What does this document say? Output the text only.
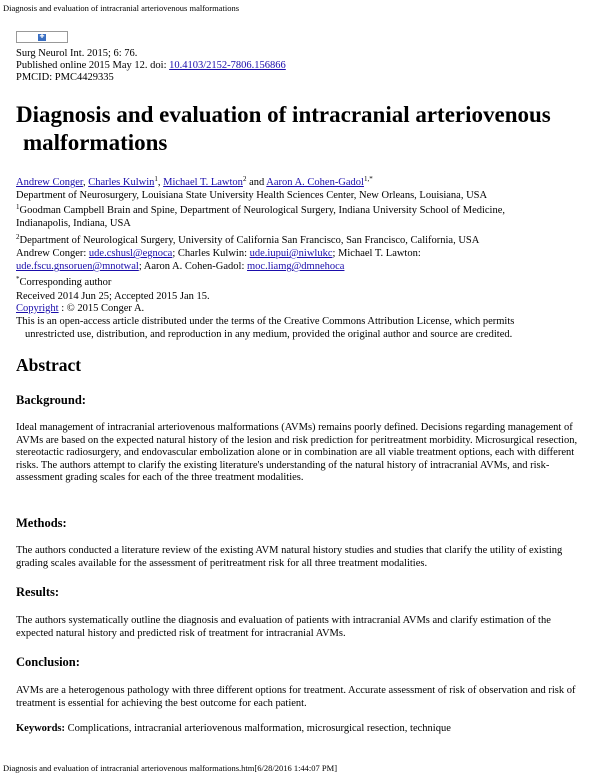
Diagnosis and evaluation of intracranial arteriovenous malformations
✚
Surg Neurol Int. 2015; 6: 76.
Published online 2015 May 12. doi: 10.4103/2152-7806.156866
PMCID: PMC4429335
Diagnosis and evaluation of intracranial arteriovenous
malformations
Andrew Conger, Charles Kulwin$^1$, Michael T. Lawton$^2$ and Aaron A. Cohen-Gadol$^{1,*}$
Department of Neurosurgery, Louisiana State University Health Sciences Center, New Orleans, Louisiana, USA
$^1$Goodman Campbell Brain and Spine, Department of Neurological Surgery, Indiana University School of Medicine,
Indianapolis, Indiana, USA
$^2$Department of Neurological Surgery, University of California San Francisco, San Francisco, California, USA
Andrew Conger: ude.cshusl@egnoca; Charles Kulwin: ude.iupui@niwlukc; Michael T. Lawton:
ude.fscu.gnsoruen@mnotwal; Aaron A. Cohen-Gadol: moc.liamg@dmnehoca
*Corresponding author
Received 2014 Jun 25; Accepted 2015 Jan 15.
Copyright : © 2015 Conger A.
This is an open-access article distributed under the terms of the Creative Commons Attribution License, which permits
unrestricted use, distribution, and reproduction in any medium, provided the original author and source are credited.
Abstract
Background:
Ideal management of intracranial arteriovenous malformations (AVMs) remains poorly defined. Decisions regarding management of AVMs are based on the expected natural history of the lesion and risk prediction for peritreatment morbidity. Microsurgical resection, stereotactic radiosurgery, and endovascular embolization alone or in combination are all viable treatment options, each with different risks. The authors attempt to clarify the existing literature's understanding of the natural history of intracranial AVMs, and risk-assessment grading scales for each of the three treatment modalities.
Methods:
The authors conducted a literature review of the existing AVM natural history studies and studies that clarify the utility of existing grading scales available for the assessment of peritreatment risk for all three treatment modalities.
Results:
The authors systematically outline the diagnosis and evaluation of patients with intracranial AVMs and clarify estimation of the expected natural history and predicted risk of treatment for intracranial AVMs.
Conclusion:
AVMs are a heterogenous pathology with three different options for treatment. Accurate assessment of risk of observation and risk of treatment is essential for achieving the best outcome for each patient.
Keywords: Complications, intracranial arteriovenous malformation, microsurgical resection, technique
Diagnosis and evaluation of intracranial arteriovenous malformations.htm[6/28/2016 1:44:07 PM]
